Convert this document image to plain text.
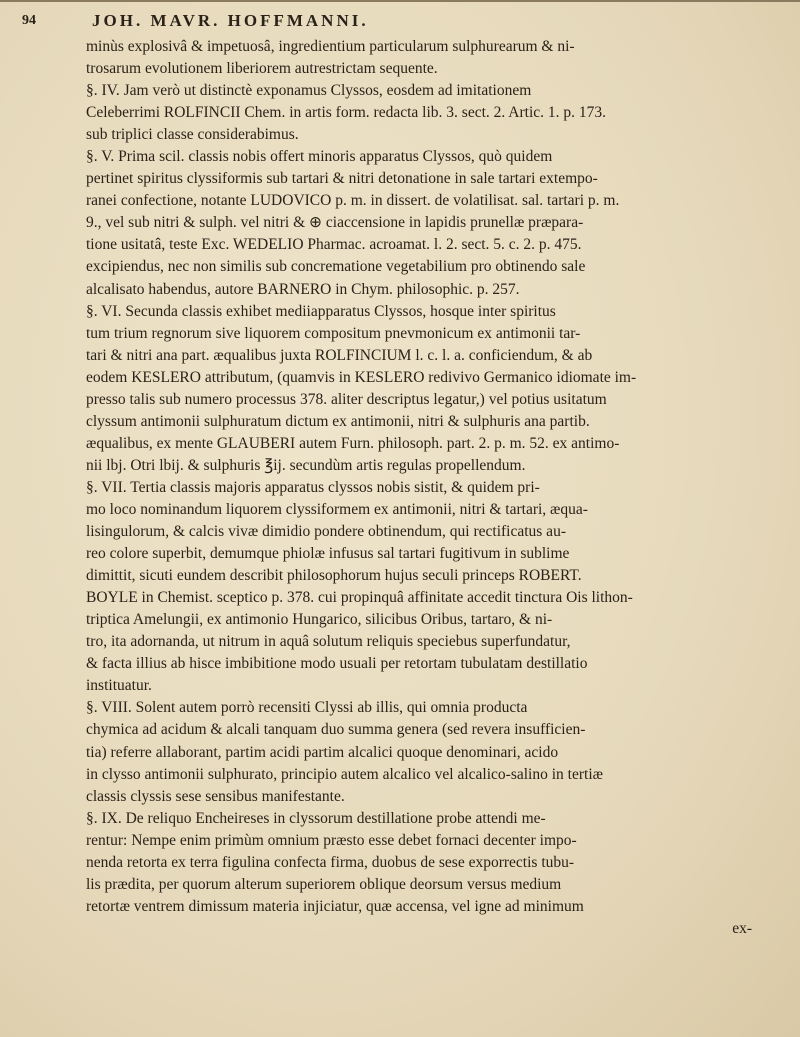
94	JOH. MAVR. HOFFMANNI.
minùs explosivâ & impetuosâ, ingredientium particularum sulphurearum & ni-
trosarum evolutionem liberiorem autrestrictam sequente.
§. IV. Jam verò ut distinctè exponamus Clyssos, eosdem ad imitationem
Celeberrimi ROLFINCII Chem. in artis form. redacta lib. 3. sect. 2. Artic. 1. p. 173.
sub triplici classe considerabimus.
§. V. Prima scil. classis nobis offert minoris apparatus Clyssos, quò quidem
pertinet spiritus clyssiformis sub tartari & nitri detonatione in sale tartari extempo-
ranei confectione, notante LUDOVICO p. m. in dissert. de volatilisat. sal. tartari p. m.
9., vel sub nitri & sulph. vel nitri & ⊕ ciaccensione in lapidis prunellæ præpara-
tione usitatâ, teste Exc. WEDELIO Pharmac. acroamat. l. 2. sect. 5. c. 2. p. 475.
excipiendus, nec non similis sub concrematione vegetabilium pro obtinendo sale
alcalisato habendus, autore BARNERO in Chym. philosophic. p. 257.
§. VI. Secunda classis exhibet mediiapparatus Clyssos, hosque inter spiritus
tum trium regnorum sive liquorem compositum pnevmonicum ex antimonii tar-
tari & nitri ana part. æqualibus juxta ROLFINCIUM l. c. l. a. conficiendum, & ab
eodem KESLERO attributum, (quamvis in KESLERO redivivo Germanico idiomate im-
presso talis sub numero processus 378. aliter descriptus legatur,) vel potius usitatum
clyssum antimonii sulphuratum dictum ex antimonii, nitri & sulphuris ana partib.
æqualibus, ex mente GLAUBERI autem Furn. philosoph. part. 2. p. m. 52. ex antimo-
nii lbj. Otri lbij. & sulphuris ℥ij. secundùm artis regulas propellendum.
§. VII. Tertia classis majoris apparatus clyssos nobis sistit, & quidem pri-
mo loco nominandum liquorem clyssiformem ex antimonii, nitri & tartari, æqua-
lisingulorum, & calcis vivæ dimidio pondere obtinendum, qui rectificatus au-
reo colore superbit, demumque phiolæ infusus sal tartari fugitivum in sublime
dimittit, sicuti eundem describit philosophorum hujus seculi princeps ROBERT.
BOYLE in Chemist. sceptico p. 378. cui propinquâ affinitate accedit tinctura Ois lithon-
triptica Amelungii, ex antimonio Hungarico, silicibus Oribus, tartaro, & ni-
tro, ita adornanda, ut nitrum in aquâ solutum reliquis speciebus superfundatur,
& facta illius ab hisce imbibitione modo usuali per retortam tubulatam destillatio
instituatur.
§. VIII. Solent autem porrò recensiti Clyssi ab illis, qui omnia producta
chymica ad acidum & alcali tanquam duo summa genera (sed revera insufficien-
tia) referre allaborant, partim acidi partim alcalici quoque denominari, acido
in clysso antimonii sulphurato, principio autem alcalico vel alcalico-salino in tertiæ
classis clyssis sese sensibus manifestante.
§. IX. De reliquo Encheireses in clyssorum destillatione probe attendi me-
rentur: Nempe enim primùm omnium præsto esse debet fornaci decenter impo-
nenda retorta ex terra figulina confecta firma, duobus de sese exporrectis tubu-
lis prædita, per quorum alterum superiorem oblique deorsum versus medium
retortæ ventrem dimissum materia injiciatur, quæ accensa, vel igne ad minimum
ex-
